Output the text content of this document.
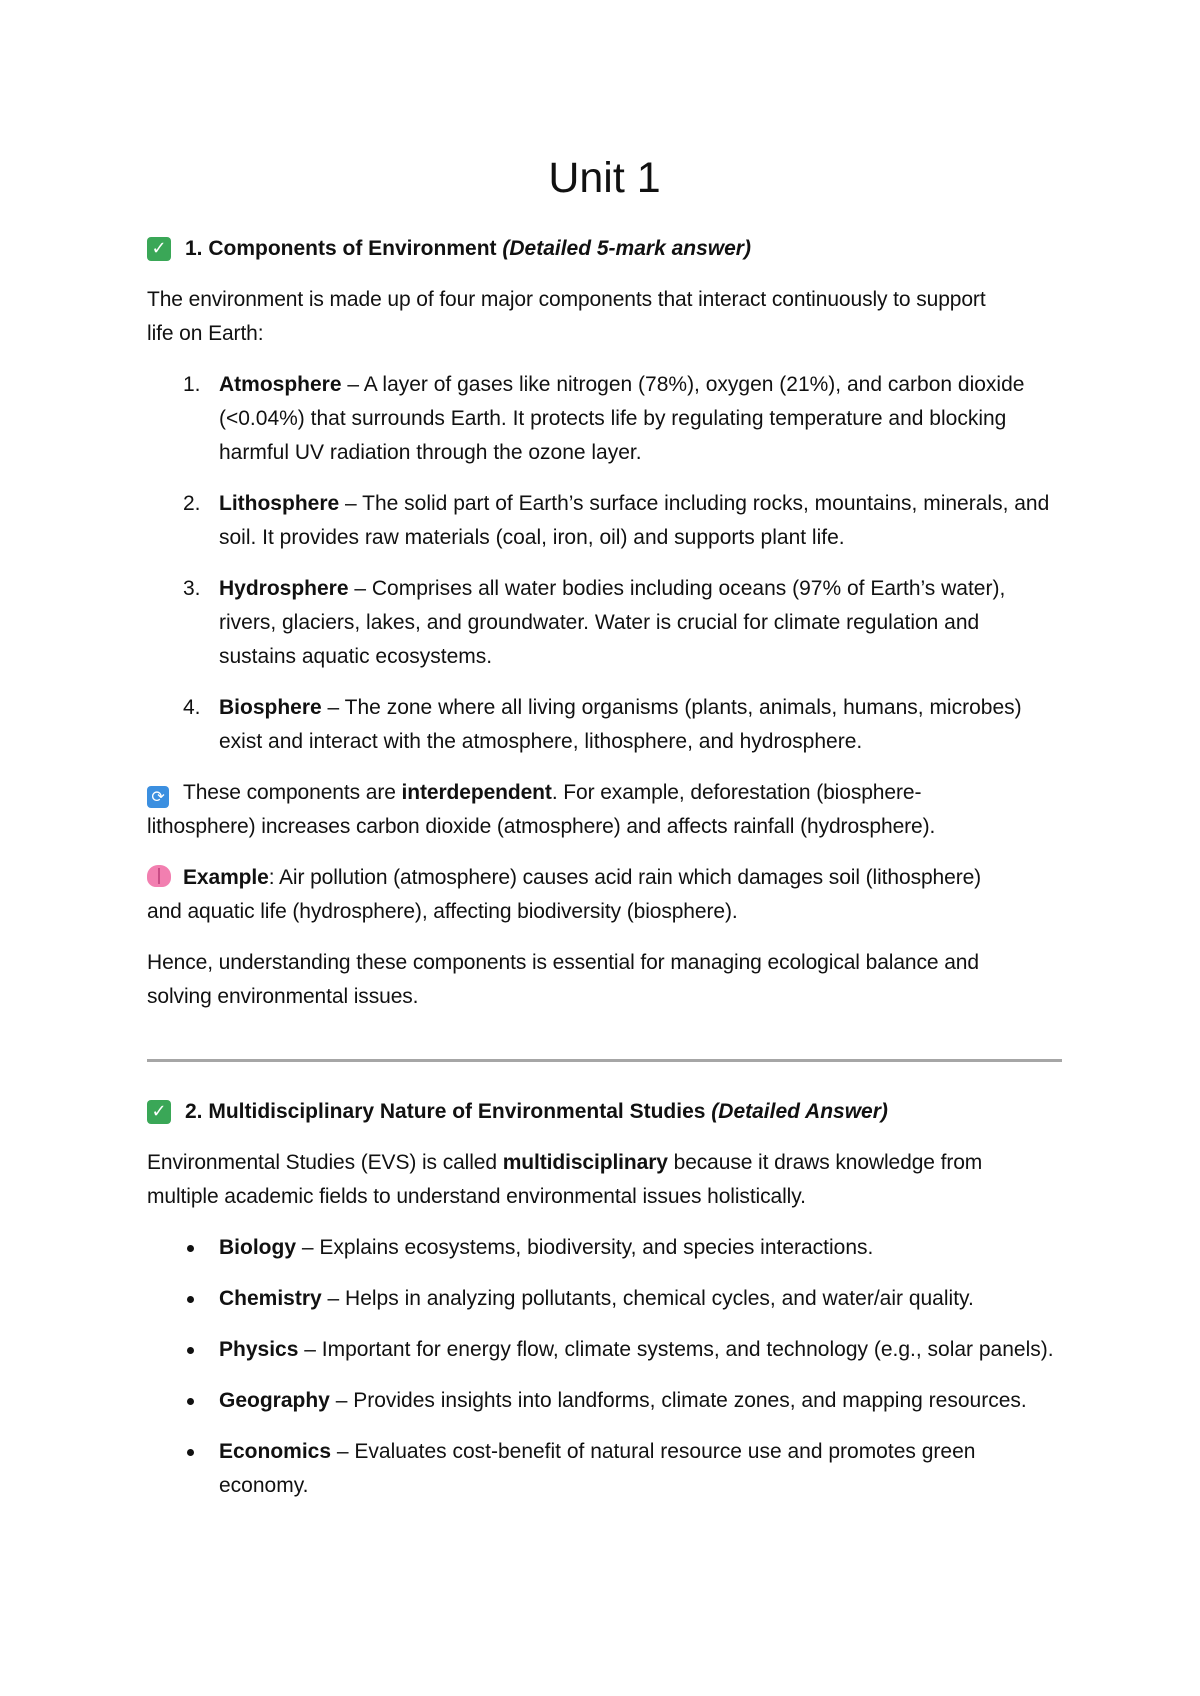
Unit 1

✓ 1. Components of Environment
(Detailed 5-mark answer)

The environment is made up of four major components that interact continuously to support life on Earth:

1. Atmosphere – A layer of gases like nitrogen (78%), oxygen (21%), and carbon dioxide (<0.04%) that surrounds Earth. It protects life by regulating temperature and blocking harmful UV radiation through the ozone layer.
2. Lithosphere – The solid part of Earth’s surface including rocks, mountains, minerals, and soil. It provides raw materials (coal, iron, oil) and supports plant life.
3. Hydrosphere – Comprises all water bodies including oceans (97% of Earth’s water), rivers, glaciers, lakes, and groundwater. Water is crucial for climate regulation and sustains aquatic ecosystems.
4. Biosphere – The zone where all living organisms (plants, animals, humans, microbes) exist and interact with the atmosphere, lithosphere, and hydrosphere.

⟳ These components are interdependent. For example, deforestation (biosphere-lithosphere) increases carbon dioxide (atmosphere) and affects rainfall (hydrosphere).

Example: Air pollution (atmosphere) causes acid rain which damages soil (lithosphere) and aquatic life (hydrosphere), affecting biodiversity (biosphere).

Hence, understanding these components is essential for managing ecological balance and solving environmental issues.

✓ 2. Multidisciplinary Nature of Environmental Studies
(Detailed Answer)

Environmental Studies (EVS) is called multidisciplinary because it draws knowledge from multiple academic fields to understand environmental issues holistically.

Biology – Explains ecosystems, biodiversity, and species interactions.
Chemistry – Helps in analyzing pollutants, chemical cycles, and water/air quality.
Physics – Important for energy flow, climate systems, and technology (e.g., solar panels).
Geography – Provides insights into landforms, climate zones, and mapping resources.
Economics – Evaluates cost-benefit of natural resource use and promotes green economy.
